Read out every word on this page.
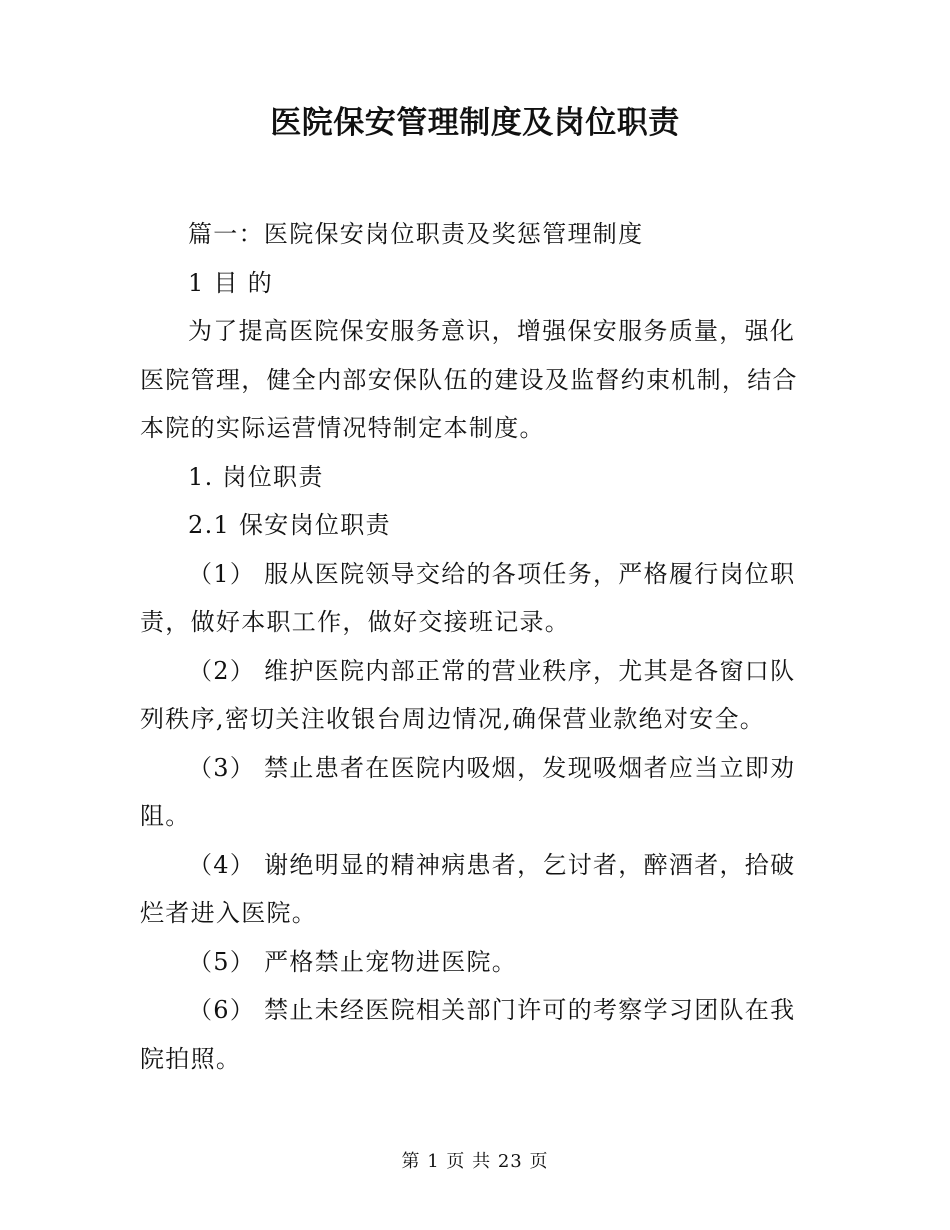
医院保安管理制度及岗位职责

篇一：医院保安岗位职责及奖惩管理制度

1 目 的

为了提高医院保安服务意识，增强保安服务质量，强化医院管理，健全内部安保队伍的建设及监督约束机制，结合本院的实际运营情况特制定本制度。

1. 岗位职责

2.1 保安岗位职责

（1） 服从医院领导交给的各项任务，严格履行岗位职责，做好本职工作，做好交接班记录。

（2） 维护医院内部正常的营业秩序，尤其是各窗口队列秩序,密切关注收银台周边情况,确保营业款绝对安全。

（3） 禁止患者在医院内吸烟，发现吸烟者应当立即劝阻。

（4） 谢绝明显的精神病患者，乞讨者，醉酒者，拾破烂者进入医院。

（5） 严格禁止宠物进医院。

（6） 禁止未经医院相关部门许可的考察学习团队在我院拍照。

第 1 页 共 23 页
